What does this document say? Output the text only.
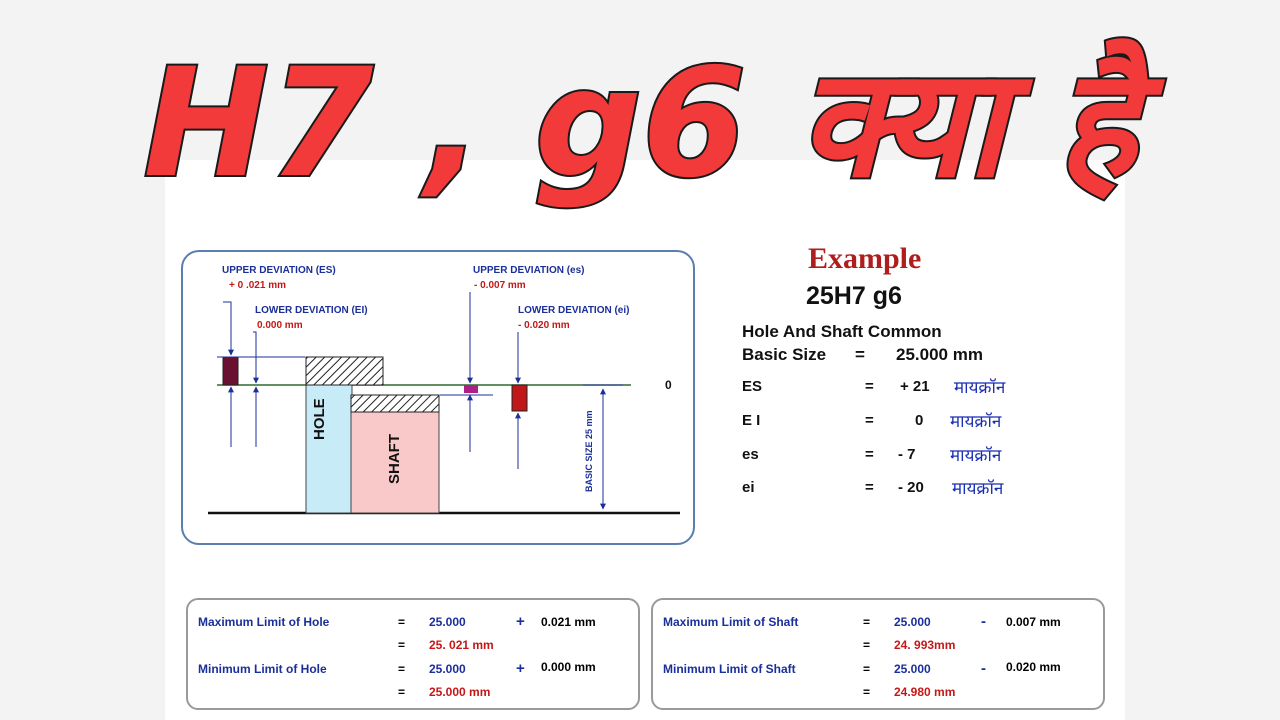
H7 , g6 क्या है
UPPER DEVIATION (ES)
+ 0 .021 mm
LOWER DEVIATION (EI)
0.000 mm
UPPER DEVIATION (es)
- 0.007 mm
LOWER DEVIATION (ei)
- 0.020 mm
0
HOLE
SHAFT	BASIC SIZE 25 mm
Example
25H7 g6
Hole And Shaft Common
Basic Size = 25.000 mm
ES	= + 21 मायक्रॉन
E I	=	0 मायक्रॉन
es	= - 7 मायक्रॉन
ei	= - 20 मायक्रॉन
Maximum Limit of Hole	= 25.000	+ 0.021 mm
= 25. 021 mm
Minimum Limit of Hole	= 25.000	+ 0.000 mm
= 25.000 mm
Maximum Limit of Shaft	= 25.000	- 0.007 mm
= 24. 993mm
Minimum Limit of Shaft	= 25.000	- 0.020 mm
= 24.980 mm
